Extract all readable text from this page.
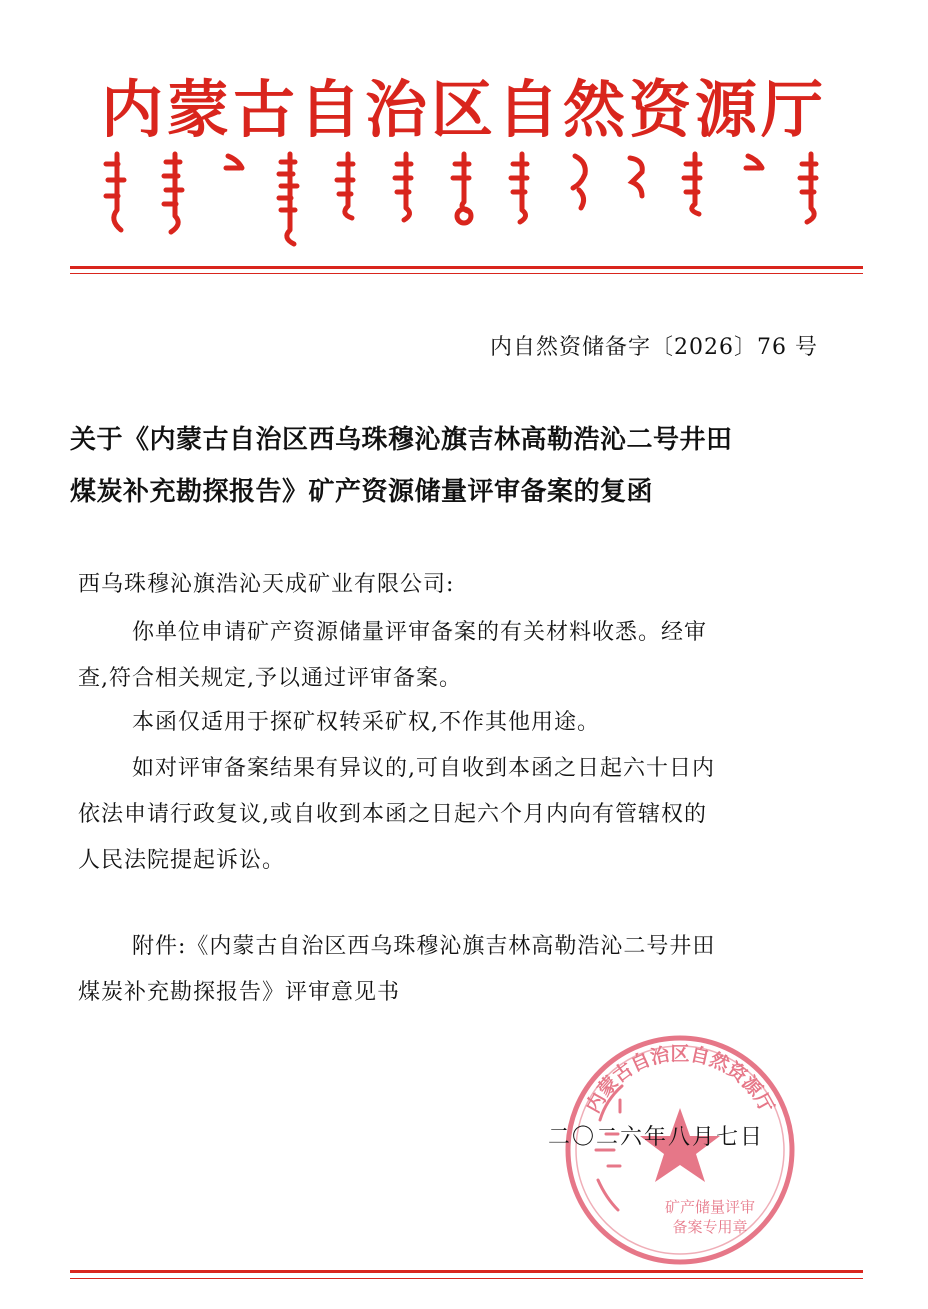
内蒙古自治区自然资源厅
内自然资储备字〔2026〕76 号
关于《内蒙古自治区西乌珠穆沁旗吉林高勒浩沁二号井田
煤炭补充勘探报告》矿产资源储量评审备案的复函
西乌珠穆沁旗浩沁天成矿业有限公司:
你单位申请矿产资源储量评审备案的有关材料收悉。经审
查,符合相关规定,予以通过评审备案。
本函仅适用于探矿权转采矿权,不作其他用途。
如对评审备案结果有异议的,可自收到本函之日起六十日内
依法申请行政复议,或自收到本函之日起六个月内向有管辖权的
人民法院提起诉讼。
附件:《内蒙古自治区西乌珠穆沁旗吉林高勒浩沁二号井田
煤炭补充勘探报告》评审意见书
内蒙古自治区自然资源厅
矿产储量评审
备案专用章
二〇二六年八月七日
